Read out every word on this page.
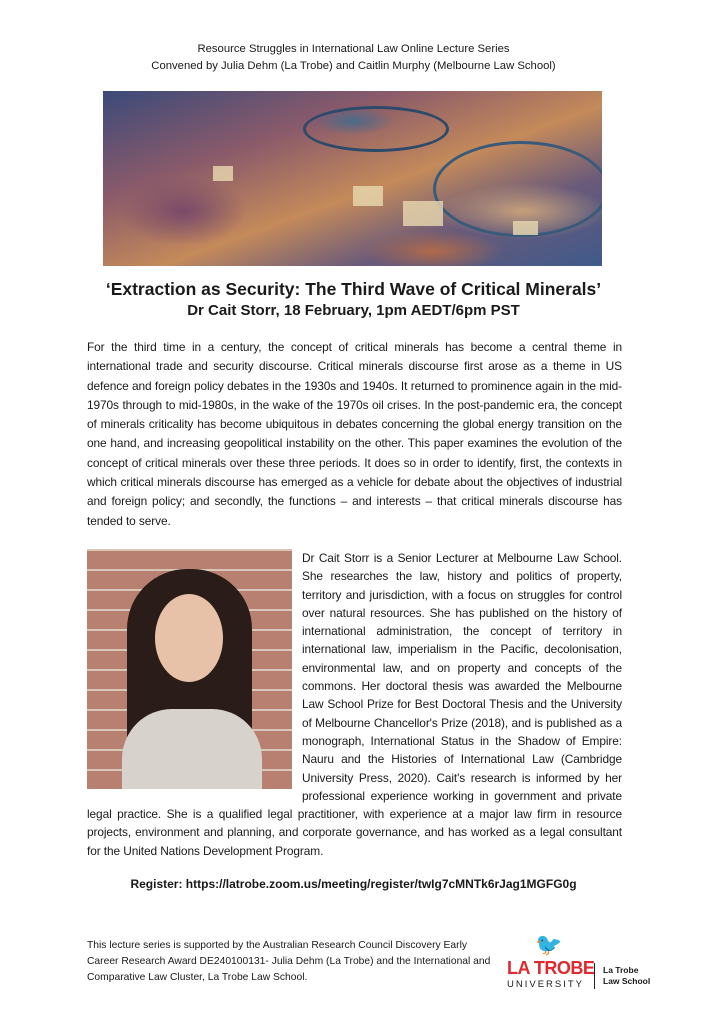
Resource Struggles in International Law Online Lecture Series
Convened by Julia Dehm (La Trobe) and Caitlin Murphy (Melbourne Law School)
‘Extraction as Security: The Third Wave of Critical Minerals’
Dr Cait Storr, 18 February, 1pm AEDT/6pm PST
For the third time in a century, the concept of critical minerals has become a central theme in international trade and security discourse. Critical minerals discourse first arose as a theme in US defence and foreign policy debates in the 1930s and 1940s. It returned to prominence again in the mid-1970s through to mid-1980s, in the wake of the 1970s oil crises. In the post-pandemic era, the concept of minerals criticality has become ubiquitous in debates concerning the global energy transition on the one hand, and increasing geopolitical instability on the other. This paper examines the evolution of the concept of critical minerals over these three periods. It does so in order to identify, first, the contexts in which critical minerals discourse has emerged as a vehicle for debate about the objectives of industrial and foreign policy; and secondly, the functions – and interests – that critical minerals discourse has tended to serve.
Dr Cait Storr is a Senior Lecturer at Melbourne Law School. She researches the law, history and politics of property, territory and jurisdiction, with a focus on struggles for control over natural resources. She has published on the history of international administration, the concept of territory in international law, imperialism in the Pacific, decolonisation, environmental law, and on property and concepts of the commons. Her doctoral thesis was awarded the Melbourne Law School Prize for Best Doctoral Thesis and the University of Melbourne Chancellor's Prize (2018), and is published as a monograph, International Status in the Shadow of Empire: Nauru and the Histories of International Law (Cambridge University Press, 2020). Cait's research is informed by her professional experience working in government and private legal practice. She is a qualified legal practitioner, with experience at a major law firm in resource projects, environment and planning, and corporate governance, and has worked as a legal consultant for the United Nations Development Program.
Register: https://latrobe.zoom.us/meeting/register/twIg7cMNTk6rJag1MGFG0g
This lecture series is supported by the Australian Research Council Discovery Early Career Research Award DE240100131- Julia Dehm (La Trobe) and the International and Comparative Law Cluster, La Trobe Law School.
🐦
LA TROBE
UNIVERSITY
La Trobe
Law School
